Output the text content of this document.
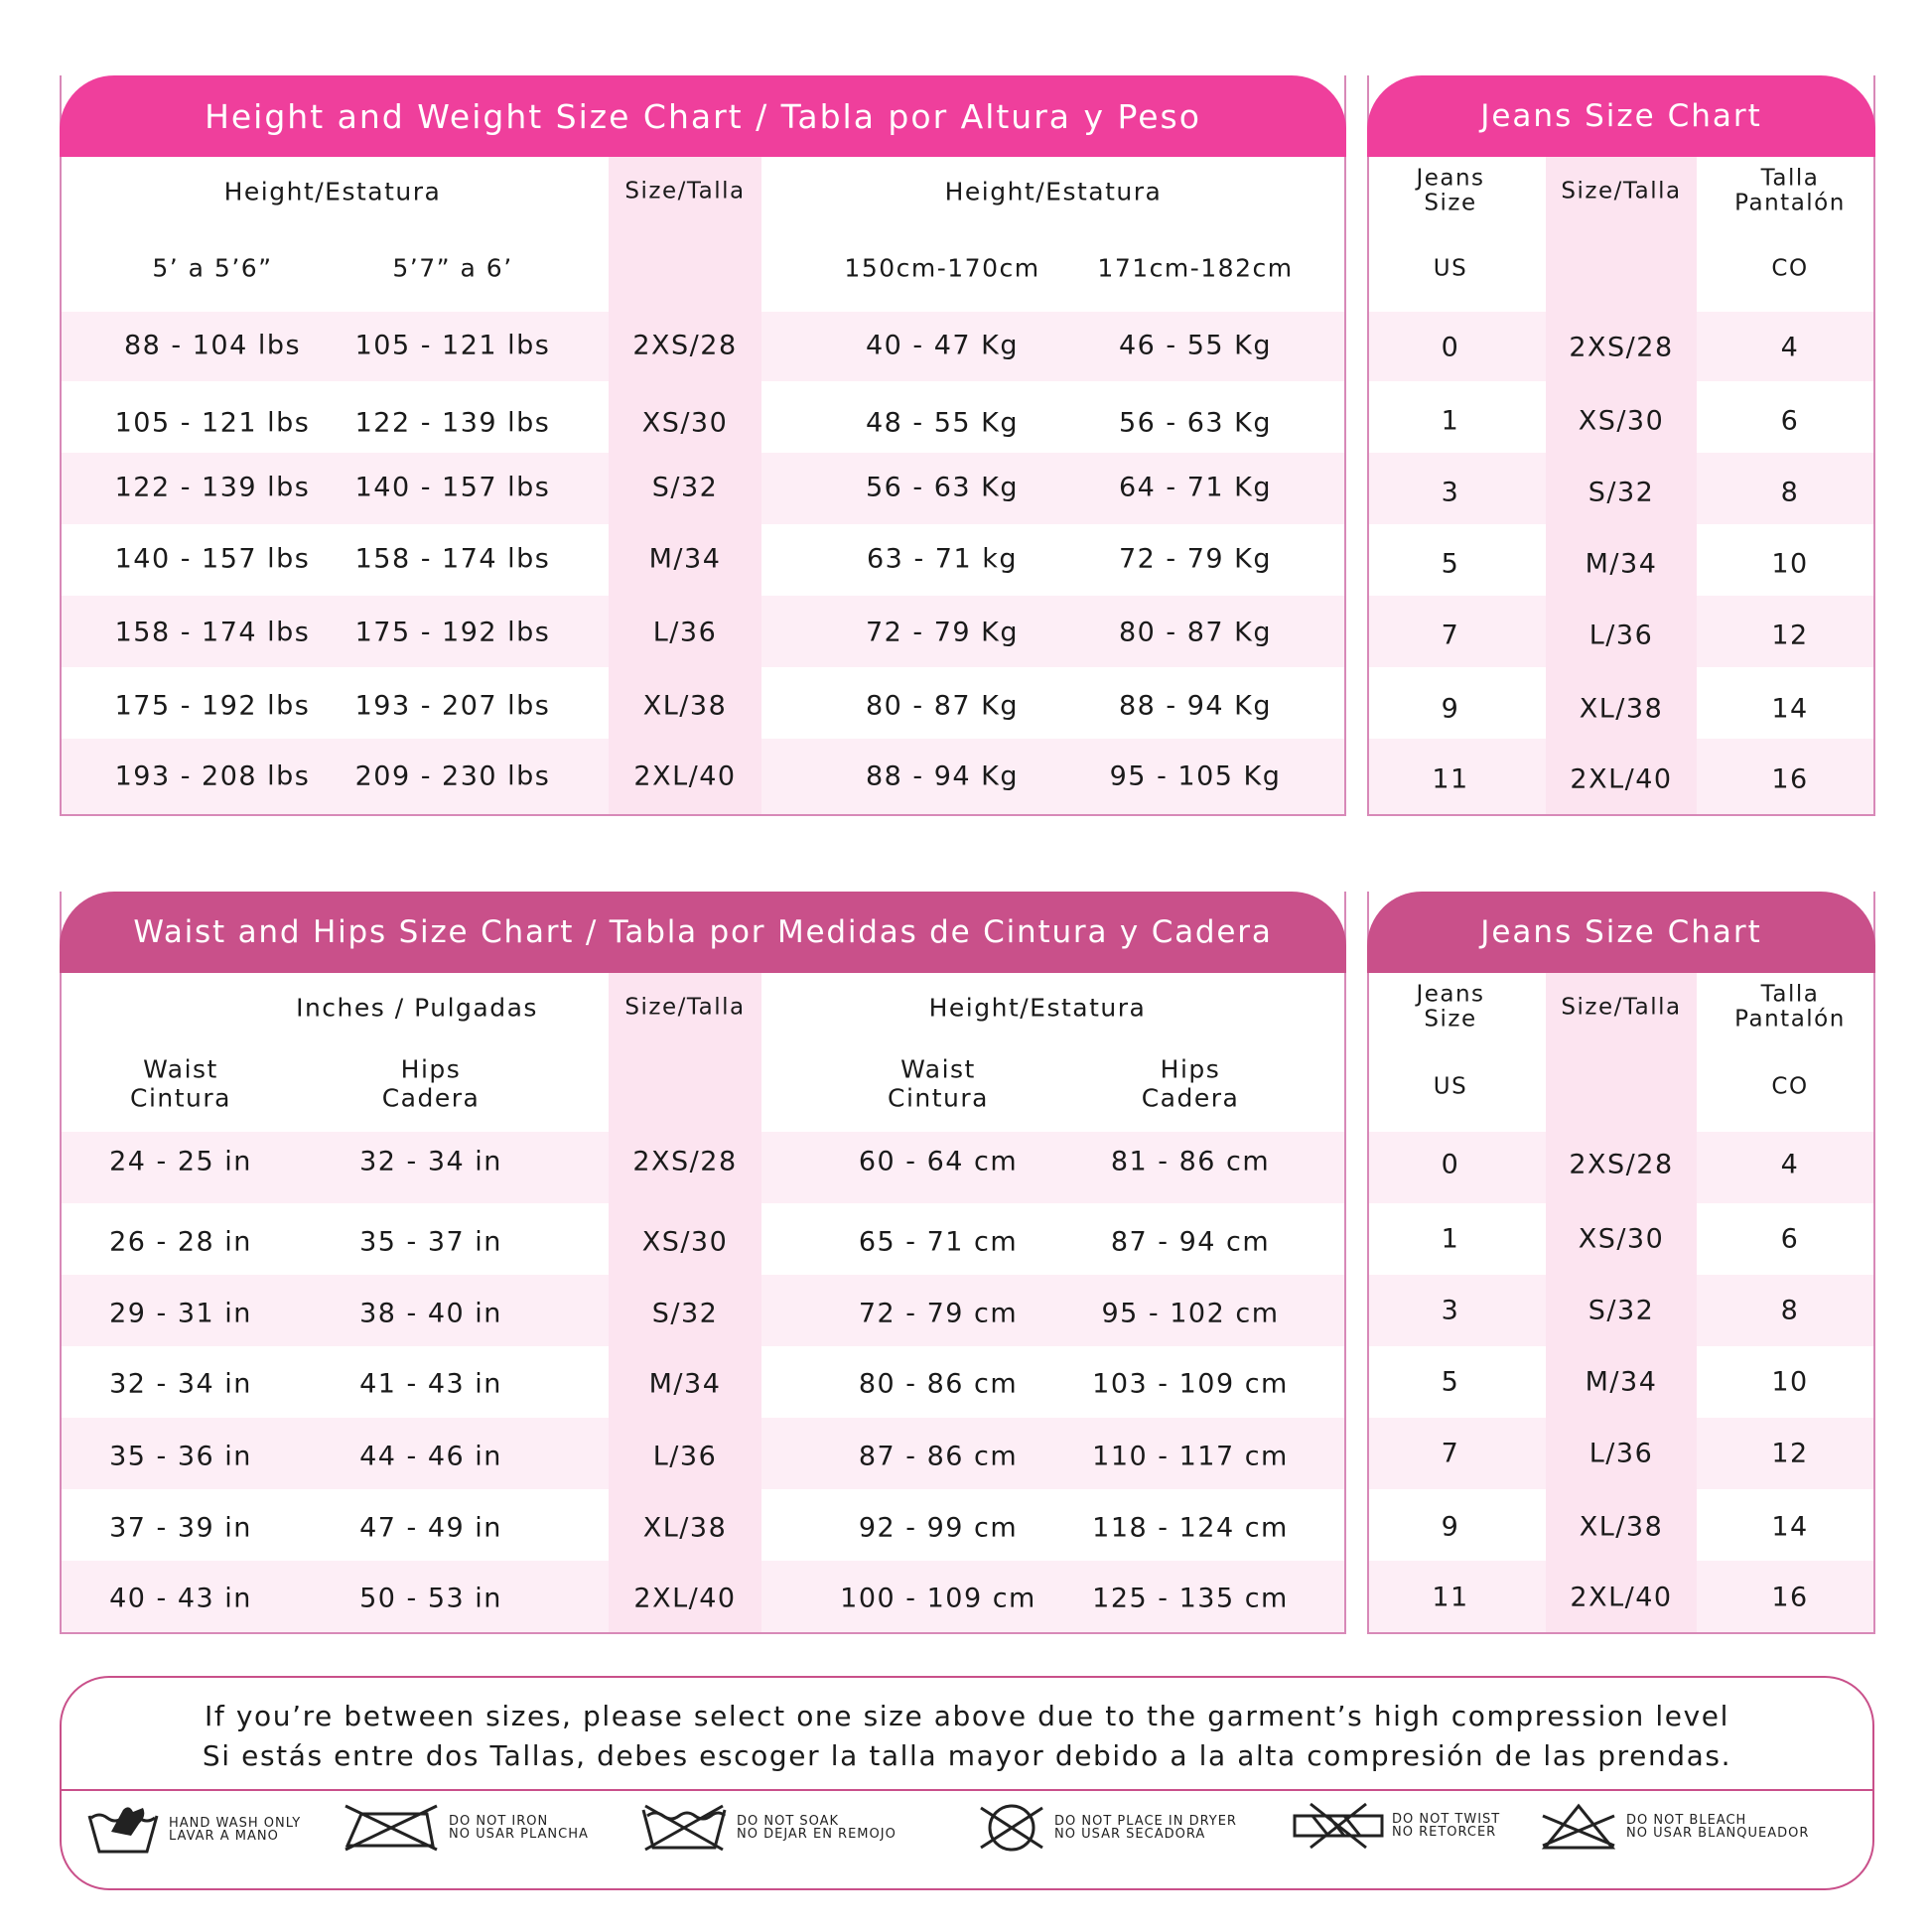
Height and Weight Size Chart / Tabla por Altura y Peso
Height/Estatura	Size/Talla	Height/Estatura
5’ a 5’6”	5’7” a 6’	150cm-170cm 171cm-182cm
88 - 104 lbs 105 - 121 lbs	2XS/28	40 - 47 Kg	46 - 55 Kg
105 - 121 lbs 122 - 139 lbs	XS/30	48 - 55 Kg	56 - 63 Kg
122 - 139 lbs 140 - 157 lbs	S/32	56 - 63 Kg	64 - 71 Kg
140 - 157 lbs 158 - 174 lbs	M/34	63 - 71 kg	72 - 79 Kg
158 - 174 lbs 175 - 192 lbs	L/36	72 - 79 Kg	80 - 87 Kg
175 - 192 lbs 193 - 207 lbs	XL/38	80 - 87 Kg	88 - 94 Kg
193 - 208 lbs 209 - 230 lbs	2XL/40	88 - 94 Kg	95 - 105 Kg
Jeans Size Chart
Jeans
Size	Size/Talla	Talla
Pantalón
US	CO
0	2XS/28	4
1	XS/30	6
3	S/32	8
5	M/34	10
7	L/36	12
9	XL/38	14
11	2XL/40	16
Waist and Hips Size Chart / Tabla por Medidas de Cintura y Cadera
Inches / Pulgadas	Size/Talla	Height/Estatura
Waist
Cintura
Hips
Cadera
Waist
Cintura
Hips
Cadera
24 - 25 in	32 - 34 in	2XS/28	60 - 64 cm	81 - 86 cm
26 - 28 in	35 - 37 in	XS/30	65 - 71 cm	87 - 94 cm
29 - 31 in	38 - 40 in	S/32	72 - 79 cm	95 - 102 cm
32 - 34 in	41 - 43 in	M/34	80 - 86 cm	103 - 109 cm
35 - 36 in	44 - 46 in	L/36	87 - 86 cm	110 - 117 cm
37 - 39 in	47 - 49 in	XL/38	92 - 99 cm	118 - 124 cm
40 - 43 in	50 - 53 in	2XL/40	100 - 109 cm 125 - 135 cm
Jeans Size Chart
Jeans
Size	Size/Talla	Talla
Pantalón
US	CO
0	2XS/28	4
1	XS/30	6
3	S/32	8
5	M/34	10
7	L/36	12
9	XL/38	14
11	2XL/40	16
If you’re between sizes, please select one size above due to the garment’s high compression level
Si estás entre dos Tallas, debes escoger la talla mayor debido a la alta compresión de las prendas.
HAND WASH ONLY
LAVAR A MANO
DO NOT IRON
NO USAR PLANCHA
DO NOT SOAK
NO DEJAR EN REMOJO
DO NOT PLACE IN DRYER
NO USAR SECADORA
DO NOT TWIST
NO RETORCER
DO NOT BLEACH
NO USAR BLANQUEADOR
